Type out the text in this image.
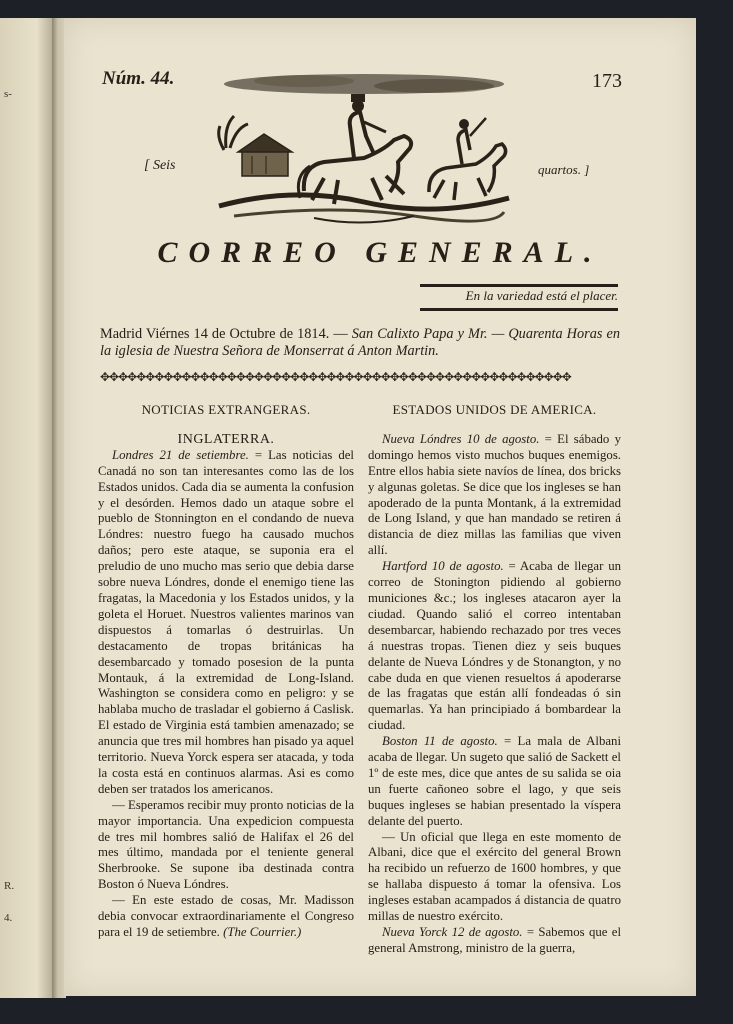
s-
R.
4.
Núm. 44.	173
[ Seis	quartos. ]
CORREO GENERAL.
En la variedad está el placer.
Madrid Viérnes 14 de Octubre de 1814. — San Calixto Papa y Mr. — Quarenta Horas en la iglesia de Nuestra Señora de Monserrat á Anton Martin.
✥✥✥✥✥✥✥✥✥✥✥✥✥✥✥✥✥✥✥✥✥✥✥✥✥✥✥✥✥✥✥✥✥✥✥✥✥✥✥✥✥✥✥✥✥✥✥✥✥✥✥✥

NOTICIAS EXTRANGERAS.

INGLATERRA.

Londres 21 de setiembre. = Las noticias del Canadá no son tan interesantes como las de los Estados unidos. Cada dia se aumenta la confusion y el desórden. Hemos dado un ataque sobre el pueblo de Stonnington en el condando de nueva Lóndres: nuestro fuego ha causado muchos daños; pero este ataque, se suponia era el preludio de uno mucho mas serio que debia darse sobre nueva Lóndres, donde el enemigo tiene las fragatas, la Macedonia y los Estados unidos, y la goleta el Horuet. Nuestros valientes marinos van dispuestos á tomarlas ó destruirlas. Un destacamento de tropas británicas ha desembarcado y tomado posesion de la punta Montauk, á la extremidad de Long-Island. Washington se considera como en peligro: y se hablaba mucho de trasladar el gobierno á Caslisk. El estado de Virginia está tambien amenazado; se anuncia que tres mil hombres han pisado ya aquel territorio. Nueva Yorck espera ser atacada, y toda la costa está en continuos alarmas. Asi es como deben ser tratados los americanos.

— Esperamos recibir muy pronto noticias de la mayor importancia. Una expedicion compuesta de tres mil hombres salió de Halifax el 26 del mes último, mandada por el teniente general Sherbrooke. Se supone iba destinada contra Boston ó Nueva Lóndres.

— En este estado de cosas, Mr. Madisson debia convocar extraordinariamente el Congreso para el 19 de setiembre. (The Courrier.)

ESTADOS UNIDOS DE AMERICA.

Nueva Lóndres 10 de agosto. = El sábado y domingo hemos visto muchos buques enemigos. Entre ellos habia siete navíos de línea, dos bricks y algunas goletas. Se dice que los ingleses se han apoderado de la punta Montank, á la extremidad de Long Island, y que han mandado se retiren á distancia de diez millas las familias que viven allí.

Hartford 10 de agosto. = Acaba de llegar un correo de Stonington pidiendo al gobierno municiones &c.; los ingleses atacaron ayer la ciudad. Quando salió el correo intentaban desembarcar, habiendo rechazado por tres veces á nuestras tropas. Tienen diez y seis buques delante de Nueva Lóndres y de Stonangton, y no cabe duda en que vienen resueltos á apoderarse de las fragatas que están allí fondeadas ó sin quemarlas. Ya han principiado á bombardear la ciudad.

Boston 11 de agosto. = La mala de Albani acaba de llegar. Un sugeto que salió de Sackett el 1º de este mes, dice que antes de su salida se oia un fuerte cañoneo sobre el lago, y que seis buques ingleses se habian presentado la víspera delante del puerto.

— Un oficial que llega en este momento de Albani, dice que el exército del general Brown ha recibido un refuerzo de 1600 hombres, y que se hallaba dispuesto á tomar la ofensiva. Los ingleses estaban acampados á distancia de quatro millas de nuestro exército.

Nueva Yorck 12 de agosto. = Sabemos que el general Amstrong, ministro de la guerra,
